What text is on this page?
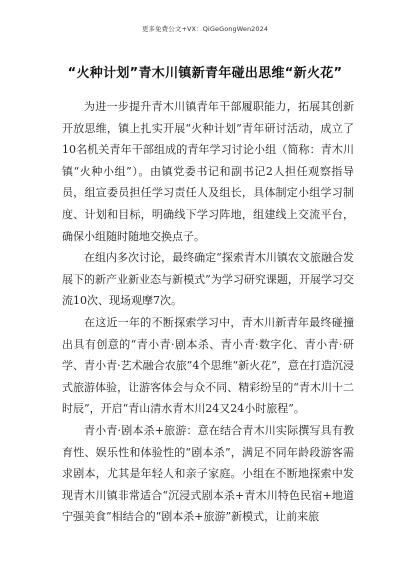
更多免费公文+VX：QiGeGongWen2024
“火种计划”青木川镇新青年碰出思维“新火花”

为进一步提升青木川镇青年干部履职能力，拓展其创新开放思维，镇上扎实开展“火种计划”青年研讨活动，成立了10名机关青年干部组成的青年学习讨论小组（简称：青木川镇“火种小组”）。由镇党委书记和副书记2人担任观察指导员，组宣委员担任学习责任人及组长，具体制定小组学习制度、计划和目标，明确线下学习阵地，组建线上交流平台，确保小组随时随地交换点子。

在组内多次讨论，最终确定“探索青木川镇农文旅融合发展下的新产业新业态与新模式”为学习研究课题，开展学习交流10次、现场观摩7次。

在这近一年的不断探索学习中，青木川新青年最终碰撞出具有创意的“青小青·剧本杀、青小青·数字化、青小青·研学、青小青·艺术融合农旅”4个思维“新火花”，意在打造沉浸式旅游体验，让游客体会与众不同、精彩纷呈的“青木川十二时辰”，开启“青山清水青木川24又24小时旅程”。

青小青·剧本杀+旅游：意在结合青木川实际撰写具有教育性、娱乐性和体验性的“剧本杀”，满足不同年龄段游客需求剧本，尤其是年轻人和亲子家庭。小组在不断地探索中发现青木川镇非常适合“沉浸式剧本杀+青木川特色民宿+地道宁强美食”相结合的“剧本杀+旅游”新模式，让前来旅
